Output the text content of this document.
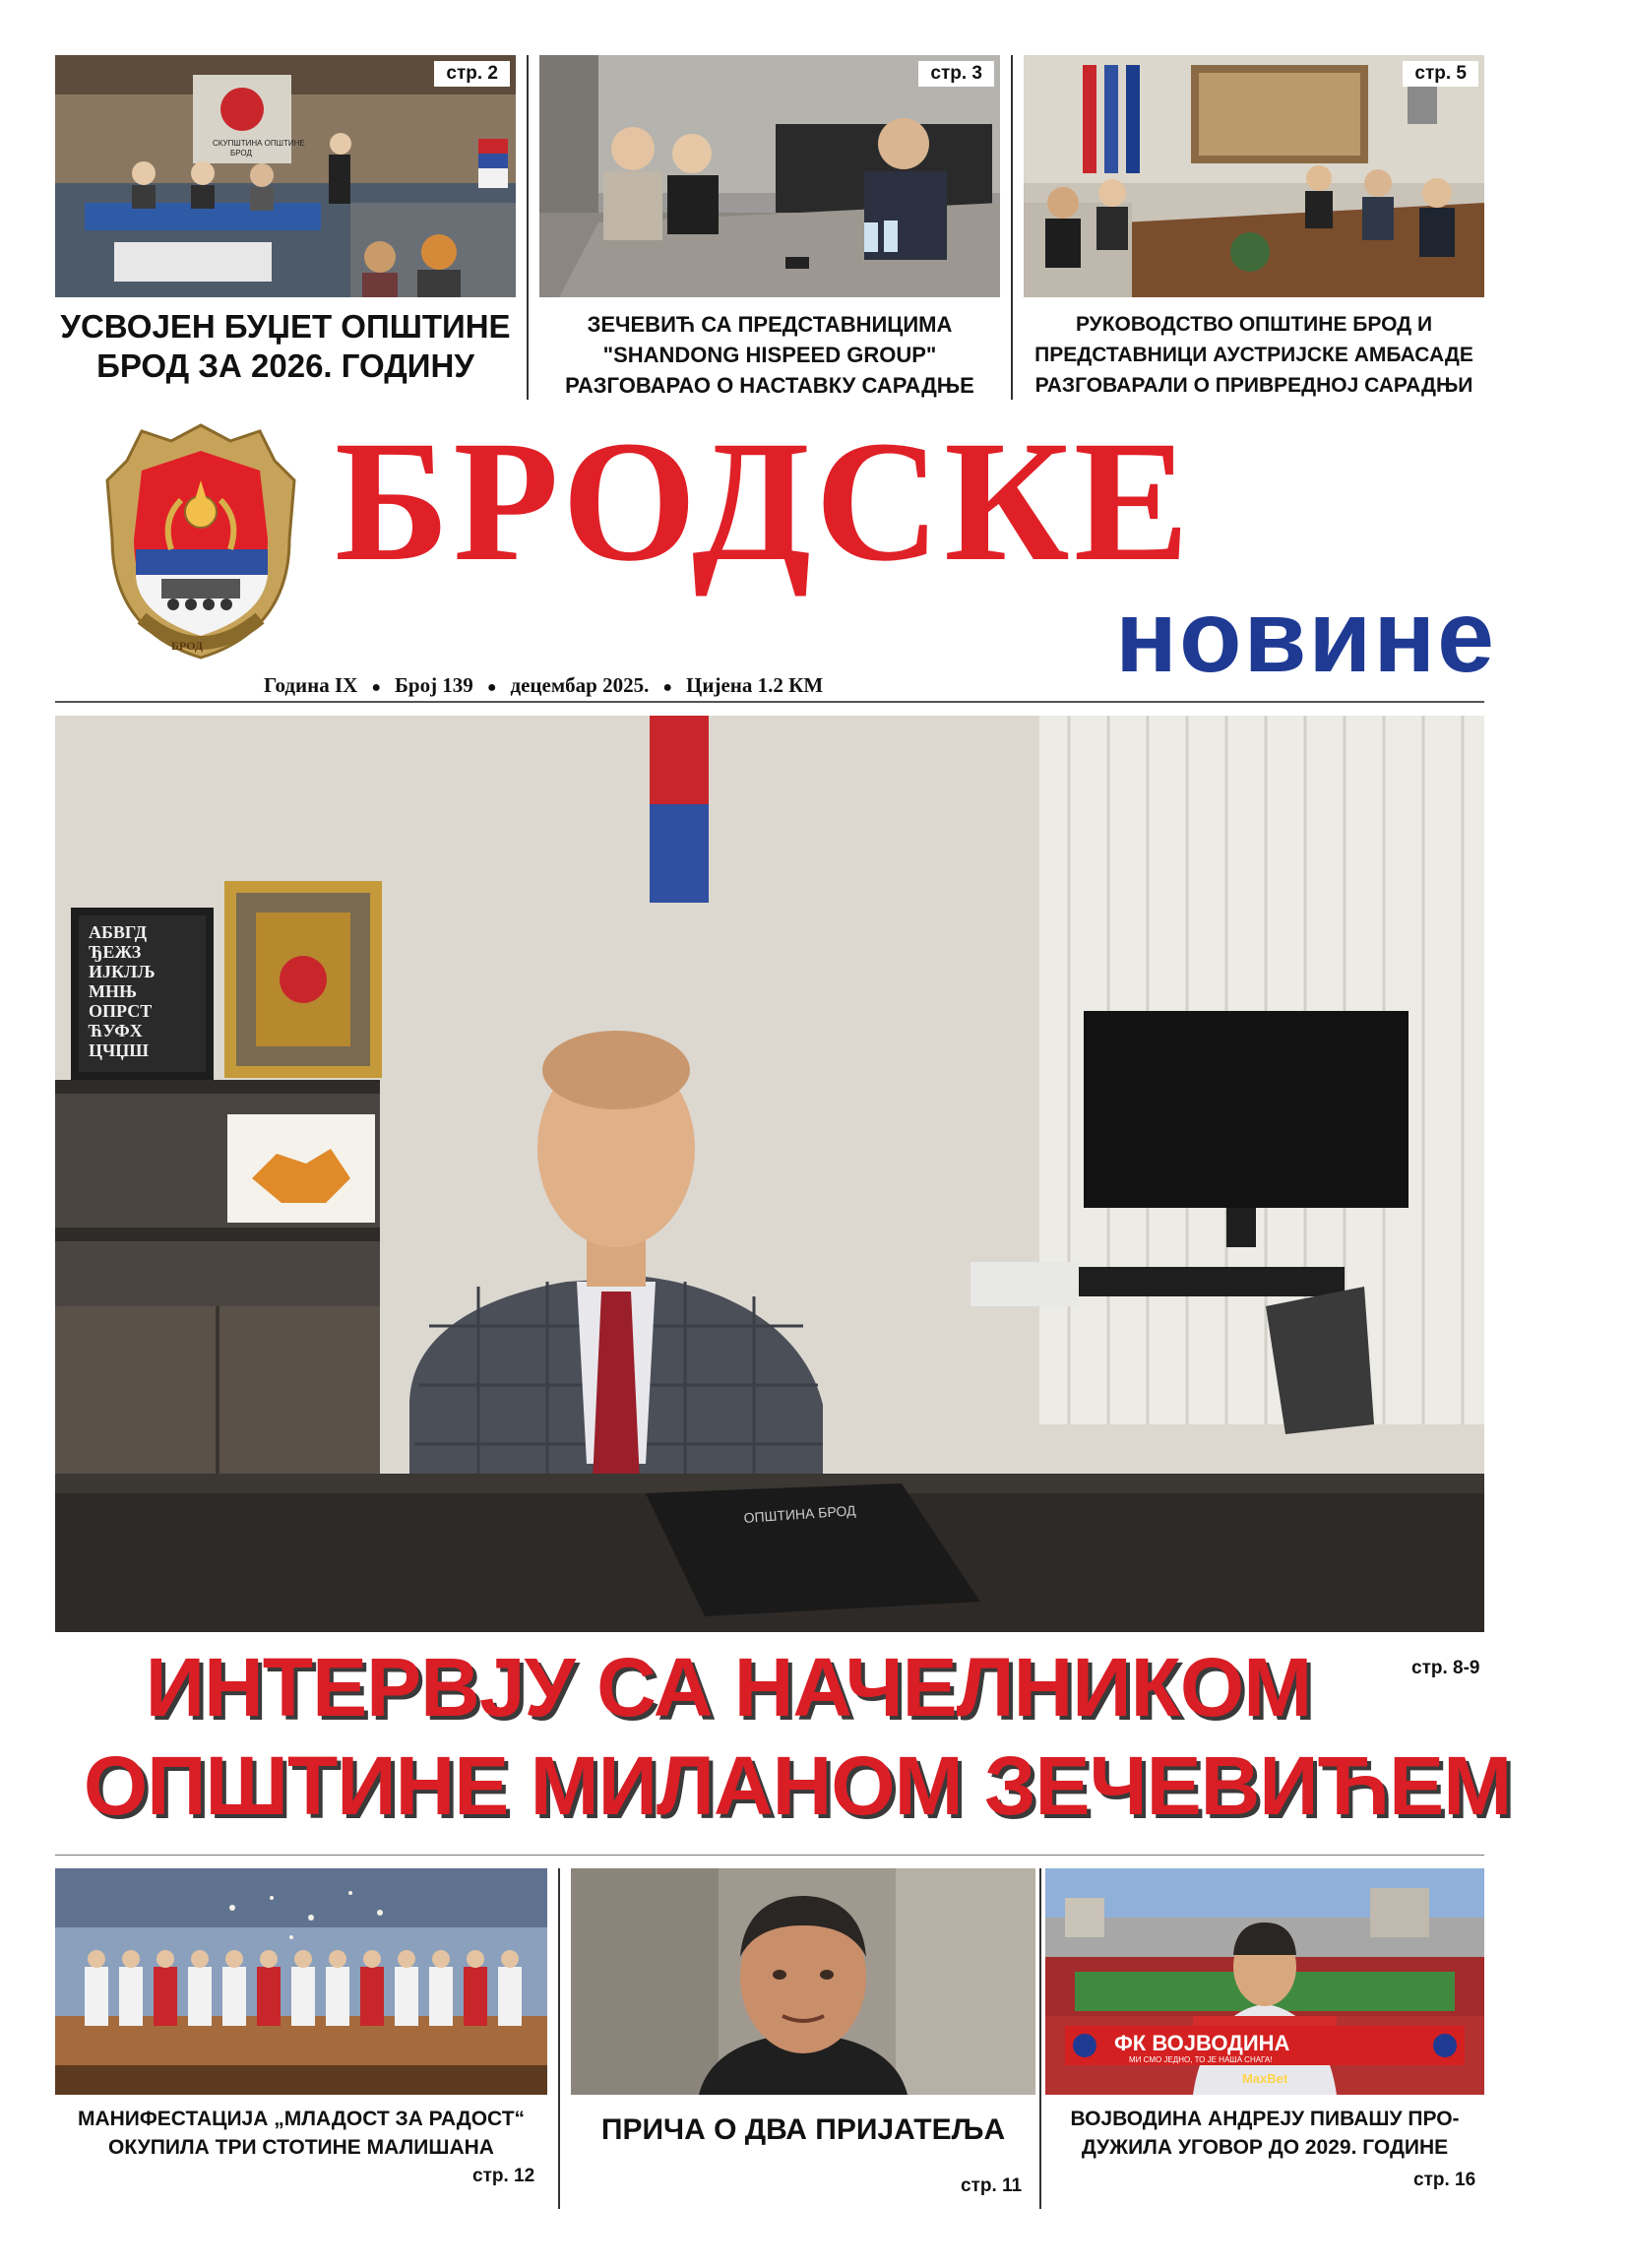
СКУПШТИНА ОПШТИНЕ
БРОД
стр. 2	стр. 3	стр. 5
УСВОЈЕН БУЏЕТ ОПШТИНЕ
БРОД ЗА 2026. ГОДИНУ
ЗЕЧЕВИЋ СА ПРЕДСТАВНИЦИМА
"SHANDONG HISPEED GROUP"
РАЗГОВАРАО О НАСТАВКУ САРАДЊЕ
РУКОВОДСТВО ОПШТИНЕ БРОД И
ПРЕДСТАВНИЦИ АУСТРИЈСКЕ АМБАСАДЕ
РАЗГОВАРАЛИ О ПРИВРЕДНОЈ САРАДЊИ
БРОД
БРОДСКЕ
новине
Година IX ● Број 139 ● децембар 2025. ● Цијена 1.2 КМ
АБВГД
ЂЕЖЗ
ИЈКЛЉ
МНЊ
ОПРСТ
ЋУФХ
ЦЧЏШ
ОПШТИНА БРОД
ИНТЕРВЈУ СА НАЧЕЛНИКОМ
ОПШТИНЕ МИЛАНОМ ЗЕЧЕВИЋЕМ
стр. 8-9
ФК ВОЈВОДИНА
МИ СМО ЈЕДНО, ТО ЈЕ НАША СНАГА!
MaxBet
МАНИФЕСТАЦИЈА „МЛАДОСТ ЗА РАДОСТ“
ОКУПИЛА ТРИ СТОТИНЕ МАЛИШАНА
стр. 12
ПРИЧА О ДВА ПРИЈАТЕЉА
стр. 11
ВОЈВОДИНА АНДРЕЈУ ПИВАШУ ПРО-
ДУЖИЛА УГОВОР ДО 2029. ГОДИНЕ
стр. 16
